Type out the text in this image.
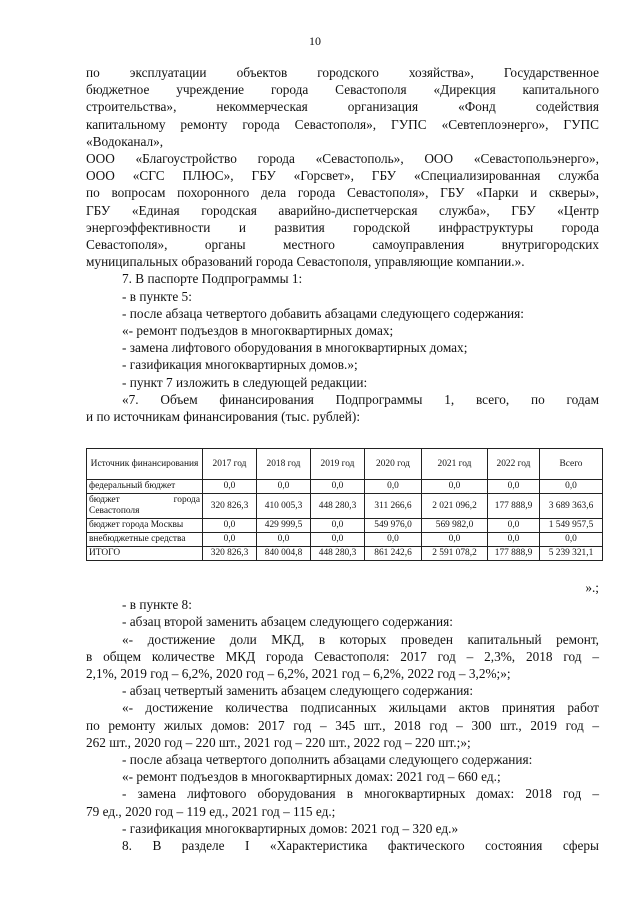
10

по эксплуатации объектов городского хозяйства», Государственное

бюджетное учреждение города Севастополя «Дирекция капитального

строительства», некоммерческая организация «Фонд содействия

капитальному ремонту города Севастополя», ГУПС «Севтеплоэнерго», ГУПС

«Водоканал»,

ООО «Благоустройство города «Севастополь», ООО «Севастопольэнерго»,

ООО «СГС ПЛЮС», ГБУ «Горсвет», ГБУ «Специализированная служба

по вопросам похоронного дела города Севастополя», ГБУ «Парки и скверы»,

ГБУ «Единая городская аварийно-диспетчерская служба», ГБУ «Центр

энергоэффективности и развития городской инфраструктуры города

Севастополя», органы местного самоуправления внутригородских

муниципальных образований города Севастополя, управляющие компании.».

7. В паспорте Подпрограммы 1:

- в пункте 5:

- после абзаца четвертого добавить абзацами следующего содержания:

«- ремонт подъездов в многоквартирных домах;

- замена лифтового оборудования в многоквартирных домах;

- газификация многоквартирных домов.»;

- пункт 7 изложить в следующей редакции:

«7. Объем финансирования Подпрограммы 1, всего, по годам

и по источникам финансирования (тыс. рублей):

Источник финансирования	2017 год	2018 год	2019 год	2020 год	2021 год	2022 год	Всего
федеральный бюджет	0,0	0,0	0,0	0,0	0,0	0,0	0,0

бюджет города
Севастополя	320 826,3	410 005,3	448 280,3	311 266,6	2 021 096,2	177 888,9	3 689 363,6
бюджет города Москвы	0,0	429 999,5	0,0	549 976,0	569 982,0	0,0	1 549 957,5
внебюджетные средства	0,0	0,0	0,0	0,0	0,0	0,0	0,0
ИТОГО	320 826,3	840 004,8	448 280,3	861 242,6	2 591 078,2	177 888,9	5 239 321,1

».;

- в пункте 8:

- абзац второй заменить абзацем следующего содержания:

«- достижение доли МКД, в которых проведен капитальный ремонт,

в общем количестве МКД города Севастополя: 2017 год – 2,3%, 2018 год –

2,1%, 2019 год – 6,2%, 2020 год – 6,2%, 2021 год – 6,2%, 2022 год – 3,2%;»;

- абзац четвертый заменить абзацем следующего содержания:

«- достижение количества подписанных жильцами актов принятия работ

по ремонту жилых домов: 2017 год – 345 шт., 2018 год – 300 шт., 2019 год –

262 шт., 2020 год – 220 шт., 2021 год – 220 шт., 2022 год – 220 шт.;»;

- после абзаца четвертого дополнить абзацами следующего содержания:

«- ремонт подъездов в многоквартирных домах: 2021 год – 660 ед.;

- замена лифтового оборудования в многоквартирных домах: 2018 год –

79 ед., 2020 год – 119 ед., 2021 год – 115 ед.;

- газификация многоквартирных домов: 2021 год – 320 ед.»

8. В разделе I «Характеристика фактического состояния сферы
